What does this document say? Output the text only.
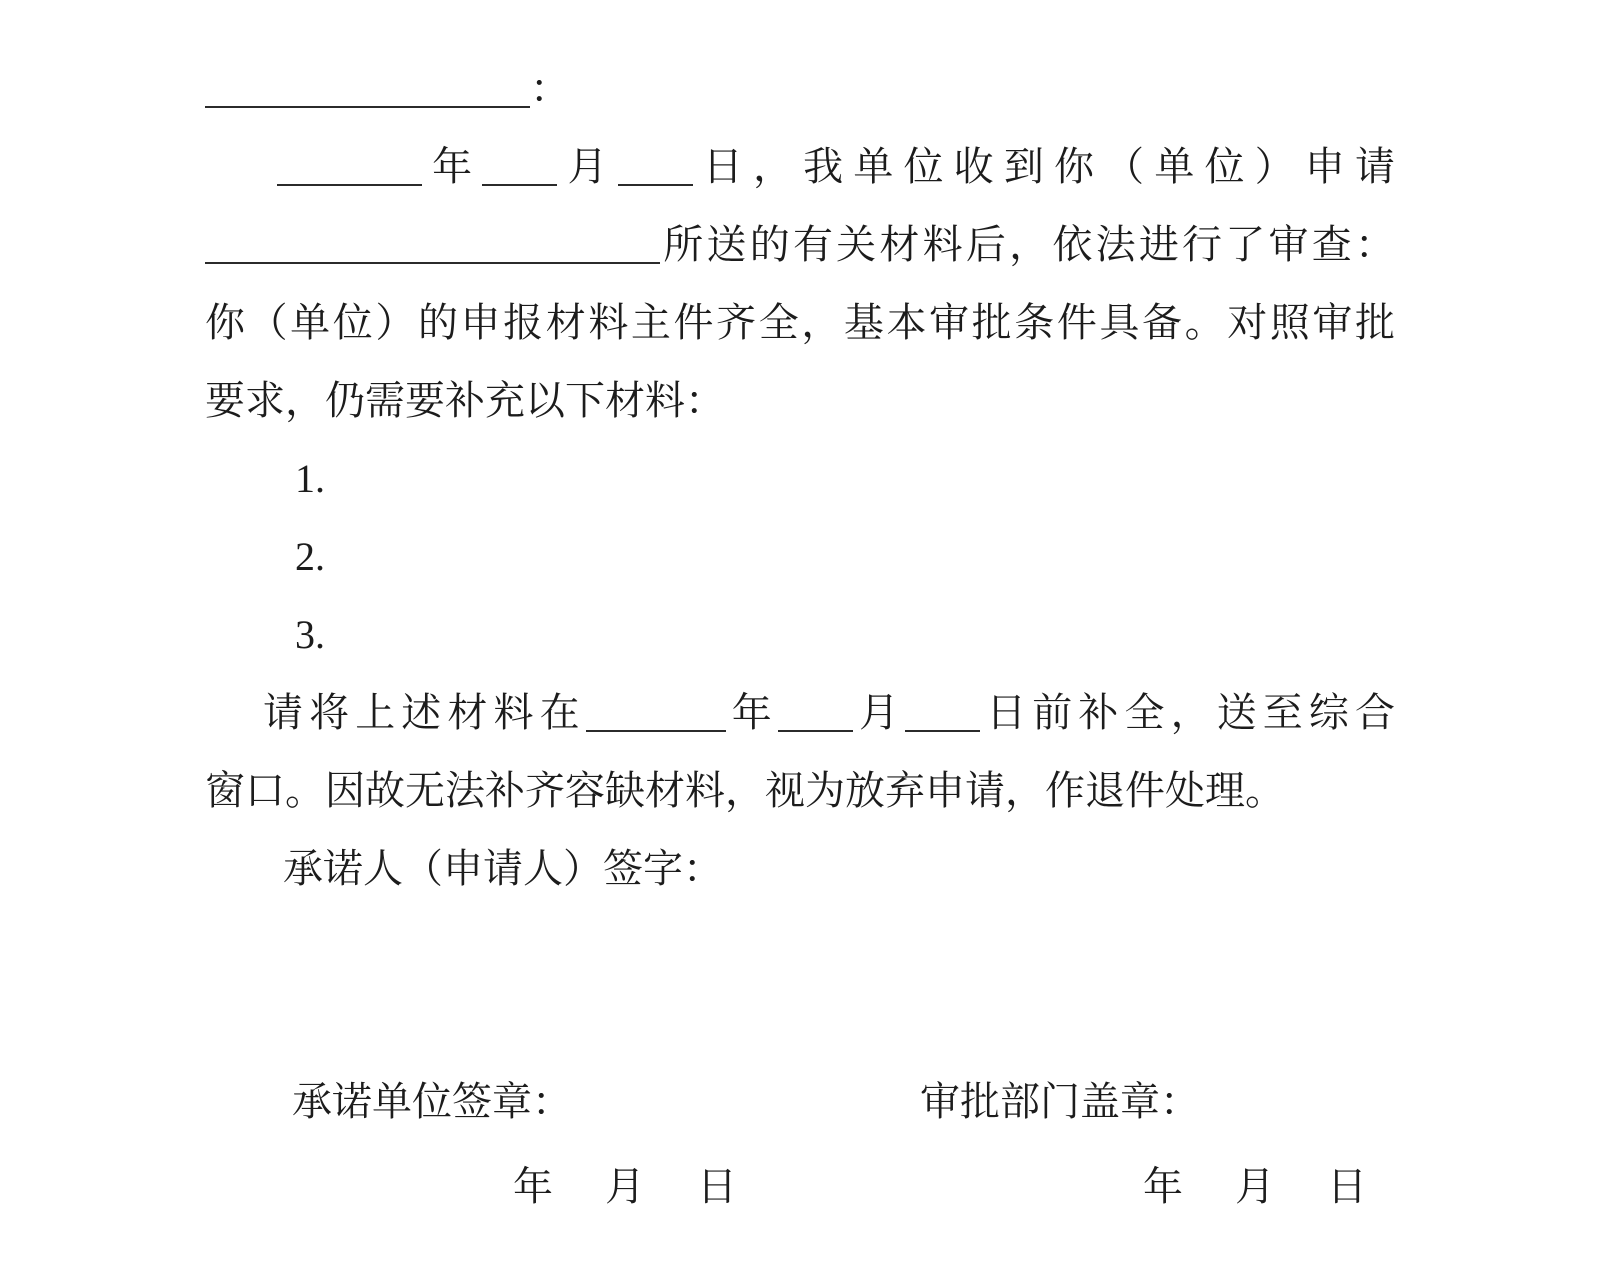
：
年 月 日，我单位收到你（单位）申请
所送的有关材料后，依法进行了审查：
你（单位）的申报材料主件齐全，基本审批条件具备。对照审批
要求，仍需要补充以下材料：
1.
2.
3.
请将上述材料在	年 月 日前补全，送至综合
窗口。因故无法补齐容缺材料，视为放弃申请，作退件处理。
承诺人（申请人）签字：
承诺单位签章：	审批部门盖章：
年 月 日	年 月 日
